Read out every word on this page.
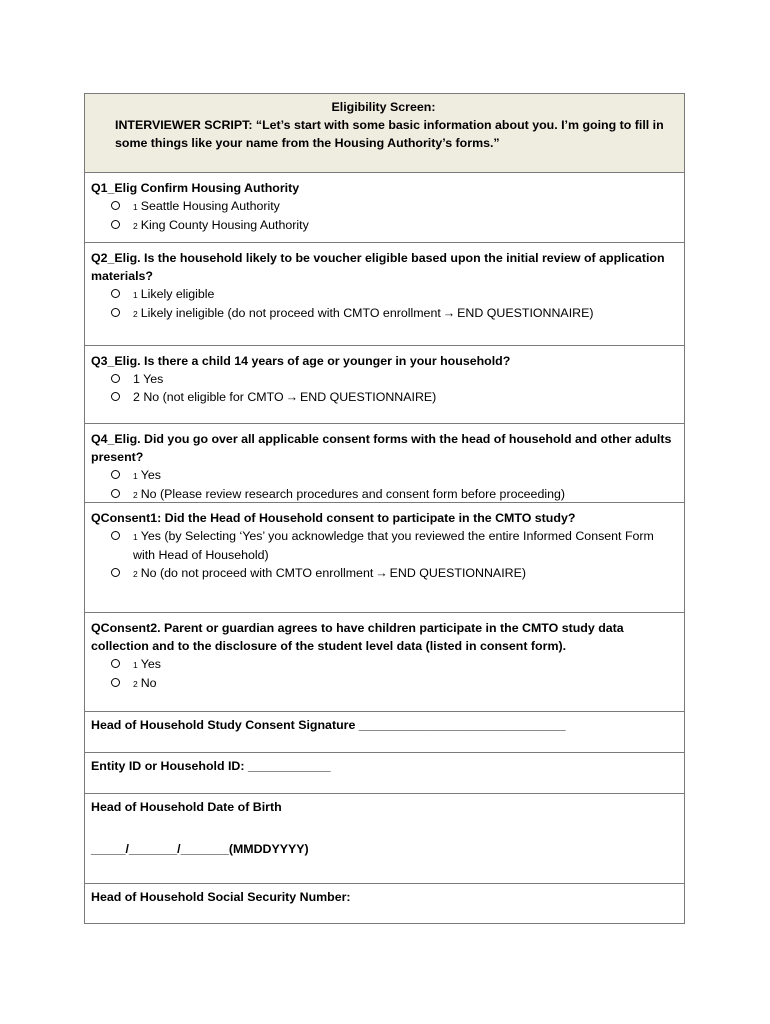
Eligibility Screen:
INTERVIEWER SCRIPT: “Let’s start with some basic information about you. I’m going to fill in some things like your name from the Housing Authority’s forms.”
Q1_Elig Confirm Housing Authority
1 Seattle Housing Authority
2 King County Housing Authority
Q2_Elig. Is the household likely to be voucher eligible based upon the initial review of application materials?
1 Likely eligible
2 Likely ineligible (do not proceed with CMTO enrollment → END QUESTIONNAIRE)
Q3_Elig. Is there a child 14 years of age or younger in your household?
1 Yes
2 No (not eligible for CMTO → END QUESTIONNAIRE)
Q4_Elig. Did you go over all applicable consent forms with the head of household and other adults present?
1 Yes
2 No (Please review research procedures and consent form before proceeding)
QConsent1: Did the Head of Household consent to participate in the CMTO study?
1 Yes (by Selecting ‘Yes’ you acknowledge that you reviewed the entire Informed Consent Form with Head of Household)
2 No (do not proceed with CMTO enrollment → END QUESTIONNAIRE)
QConsent2. Parent or guardian agrees to have children participate in the CMTO study data collection and to the disclosure of the student level data (listed in consent form).
1 Yes
2 No
Head of Household Study Consent Signature ______________________________
Entity ID or Household ID: ____________
Head of Household Date of Birth
_____/_______/_______(MMDDYYYY)
Head of Household Social Security Number:
